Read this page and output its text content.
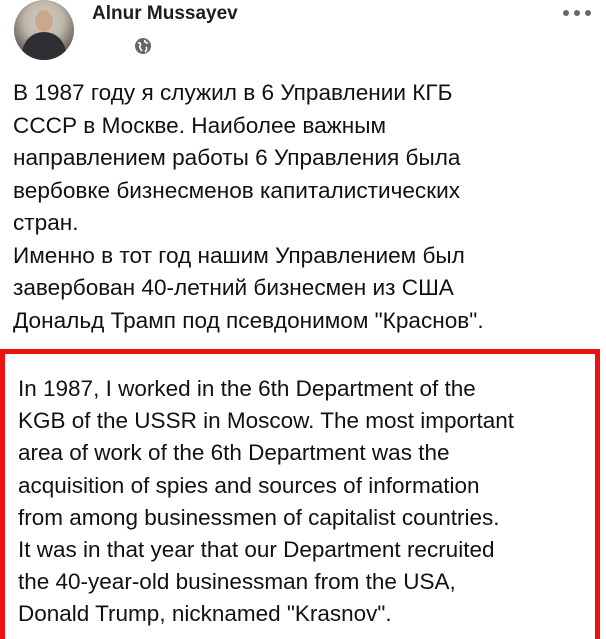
Alnur Mussayev
В 1987 году я служил в 6 Управлении КГБ
СССР в Москве. Наиболее важным
направлением работы 6 Управления была
вербовке бизнесменов капиталистических
стран.
Именно в тот год нашим Управлением был
завербован 40-летний бизнесмен из США
Дональд Трамп под псевдонимом "Краснов".
In 1987, I worked in the 6th Department of the
KGB of the USSR in Moscow. The most important
area of work of the 6th Department was the
acquisition of spies and sources of information
from among businessmen of capitalist countries.
It was in that year that our Department recruited
the 40-year-old businessman from the USA,
Donald Trump, nicknamed "Krasnov".
